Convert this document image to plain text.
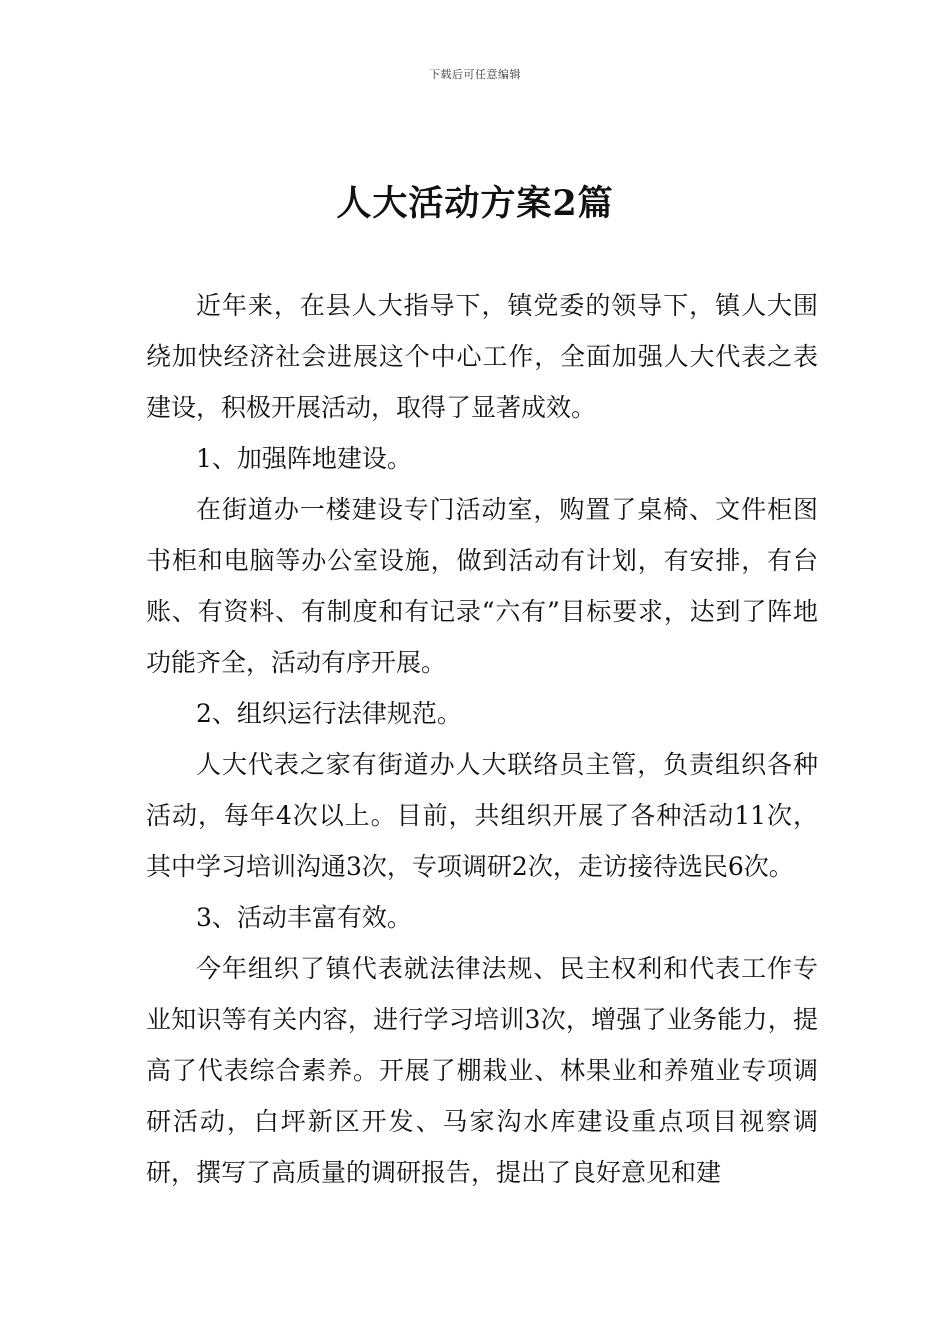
下载后可任意编辑
人大活动方案2篇

近年来，在县人大指导下，镇党委的领导下，镇人大围绕加快经济社会进展这个中心工作，全面加强人大代表之表建设，积极开展活动，取得了显著成效。

1、加强阵地建设。

在街道办一楼建设专门活动室，购置了桌椅、文件柜图书柜和电脑等办公室设施，做到活动有计划，有安排，有台账、有资料、有制度和有记录“六有”目标要求，达到了阵地功能齐全，活动有序开展。

2、组织运行法律规范。

人大代表之家有街道办人大联络员主管，负责组织各种活动，每年4次以上。目前，共组织开展了各种活动11次，其中学习培训沟通3次，专项调研2次，走访接待选民6次。

3、活动丰富有效。

今年组织了镇代表就法律法规、民主权利和代表工作专业知识等有关内容，进行学习培训3次，增强了业务能力，提高了代表综合素养。开展了棚栽业、林果业和养殖业专项调研活动，白坪新区开发、马家沟水库建设重点项目视察调研，撰写了高质量的调研报告，提出了良好意见和建
